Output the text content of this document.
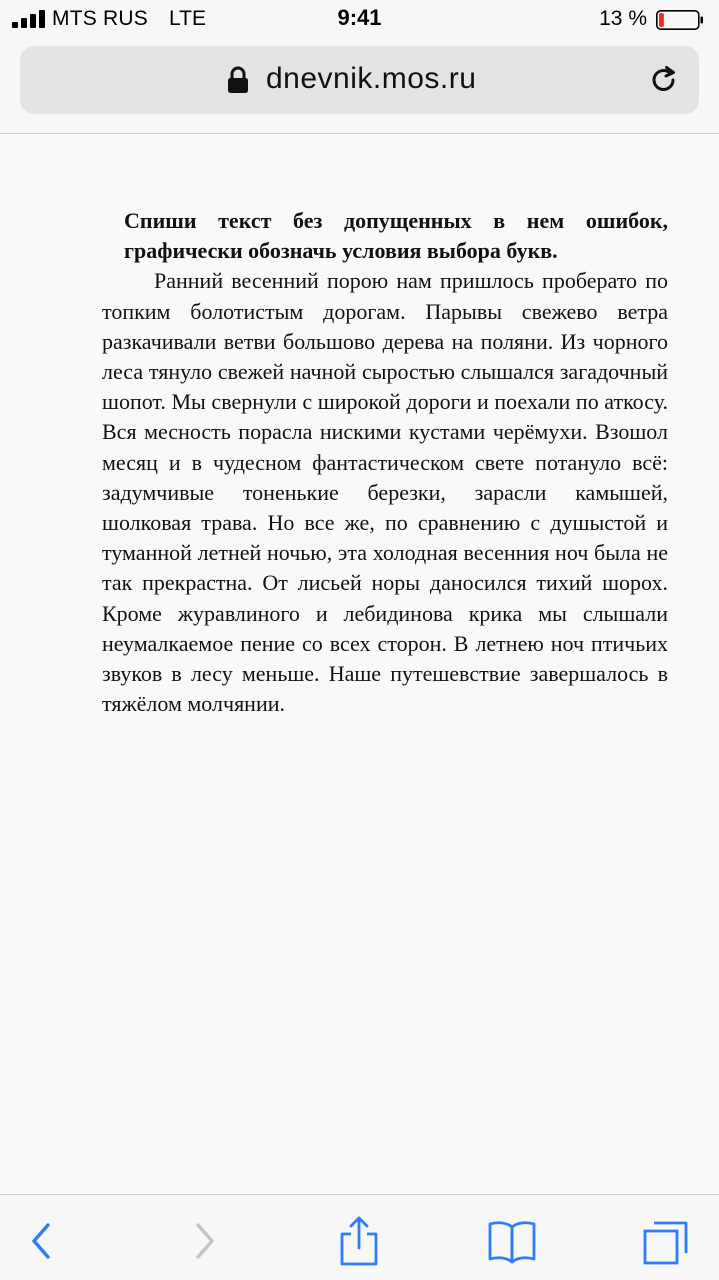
MTS RUS LTE	9:41	13 %
dnevnik.mos.ru

Спиши текст без допущенных в нем ошибок, графически обозначь условия выбора букв.

Ранний весенний порою нам пришлось проберато по топким болотистым дорогам. Парывы свежево ветра разкачивали ветви большово дерева на поляни. Из чорного леса тянуло свежей начной сыростью слышался загадочный шопот. Мы свернули с широкой дороги и поехали по аткосу. Вся месность порасла нискими кустами черёмухи. Взошол месяц и в чудесном фантастическом свете потануло всё: задумчивые тоненькие березки, зарасли камышей, шолковая трава. Но все же, по сравнению с душыстой и туманной летней ночью, эта холодная весенния ноч была не так прекрастна. От лисьей норы даносился тихий шорох. Кроме журавлиного и лебидинова крика мы слышали неумалкаемое пение со всех сторон. В летнею ноч птичьих звуков в лесу меньше. Наше путешевствие завершалось в тяжёлом молчянии.
